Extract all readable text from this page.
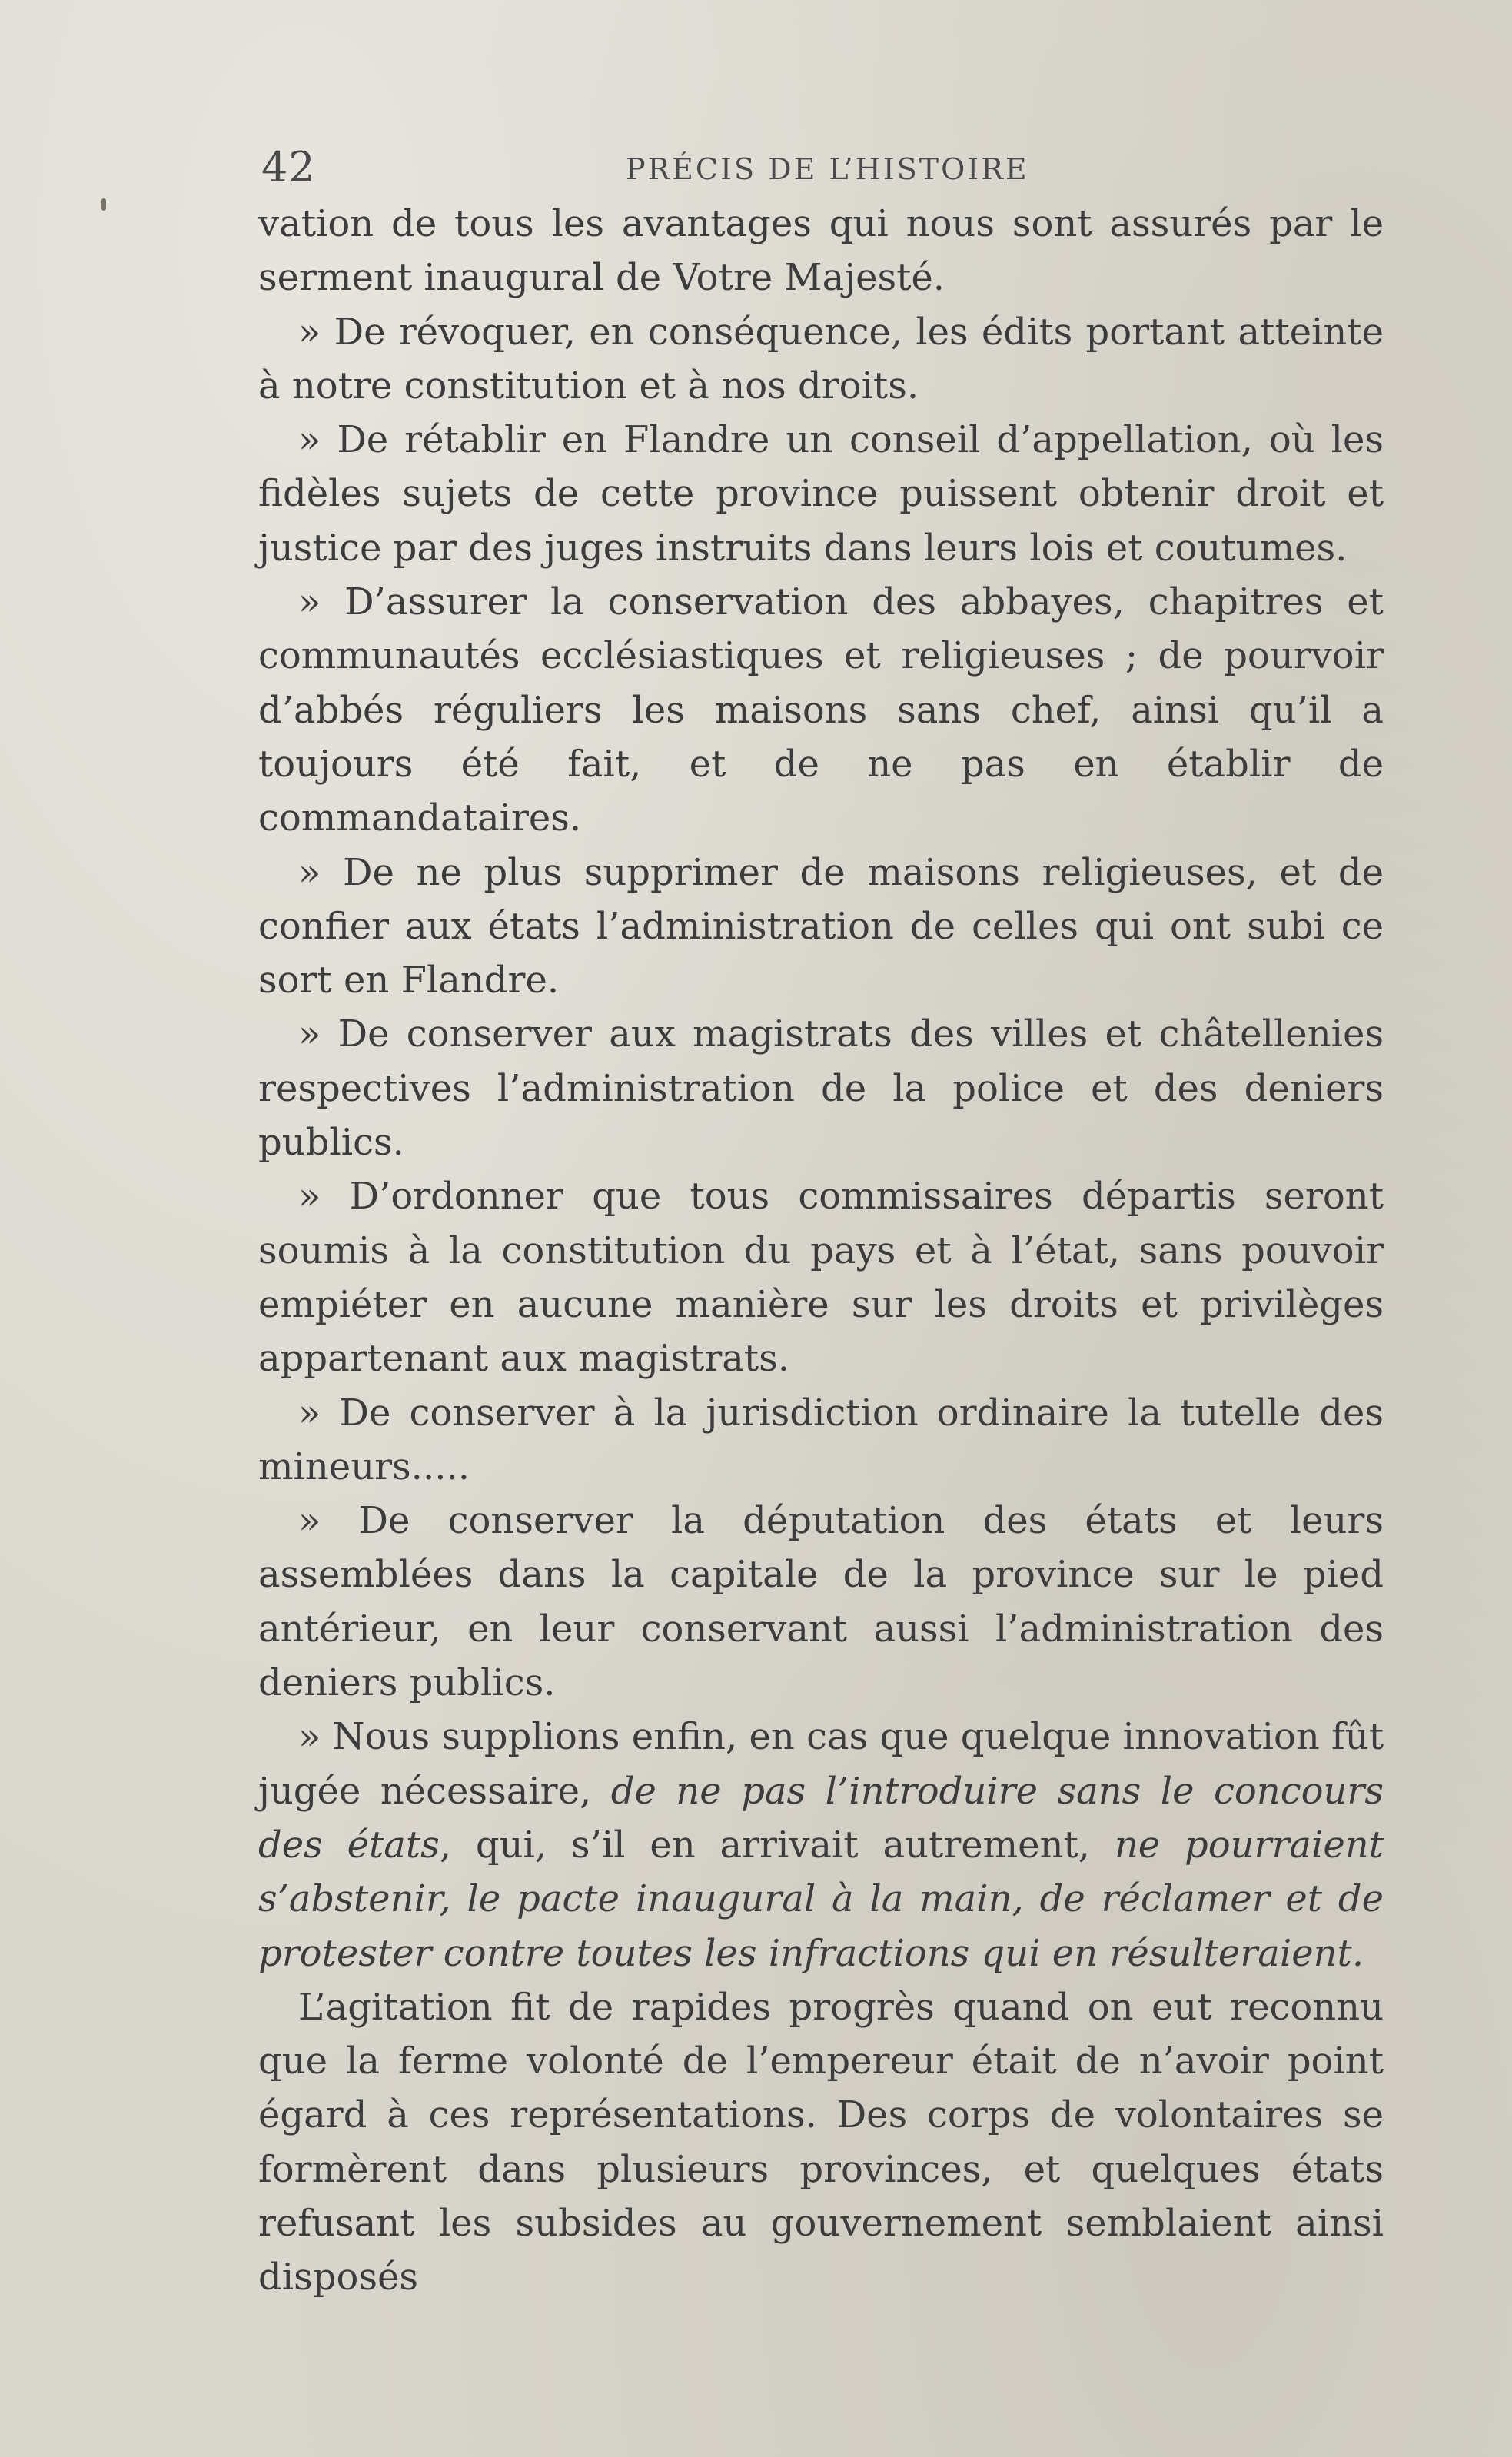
42	PRÉCIS DE L’HISTOIRE

vation de tous les avantages qui nous sont assurés par le serment inaugural de Votre Majesté.

» De révoquer, en conséquence, les édits portant atteinte à notre constitution et à nos droits.

» De rétablir en Flandre un conseil d’appellation, où les fidèles sujets de cette province puissent obtenir droit et justice par des juges instruits dans leurs lois et coutumes.

» D’assurer la conservation des abbayes, chapitres et communautés ecclésiastiques et religieuses ; de pourvoir d’abbés réguliers les maisons sans chef, ainsi qu’il a toujours été fait, et de ne pas en établir de commandataires.

» De ne plus supprimer de maisons religieuses, et de confier aux états l’administration de celles qui ont subi ce sort en Flandre.

» De conserver aux magistrats des villes et châtellenies respectives l’administration de la police et des deniers publics.

» D’ordonner que tous commissaires départis seront soumis à la constitution du pays et à l’état, sans pouvoir empiéter en aucune manière sur les droits et privilèges appartenant aux magistrats.

» De conserver à la jurisdiction ordinaire la tutelle des mineurs.....

» De conserver la députation des états et leurs assemblées dans la capitale de la province sur le pied antérieur, en leur conservant aussi l’administration des deniers publics.

» Nous supplions enfin, en cas que quelque innovation fût jugée nécessaire, de ne pas l’introduire sans le concours des états, qui, s’il en arrivait autrement, ne pourraient s’abstenir, le pacte inaugural à la main, de réclamer et de protester contre toutes les infractions qui en résulteraient.

L’agitation fit de rapides progrès quand on eut reconnu que la ferme volonté de l’empereur était de n’avoir point égard à ces représentations. Des corps de volontaires se formèrent dans plusieurs provinces, et quelques états refusant les subsides au gouvernement semblaient ainsi disposés
